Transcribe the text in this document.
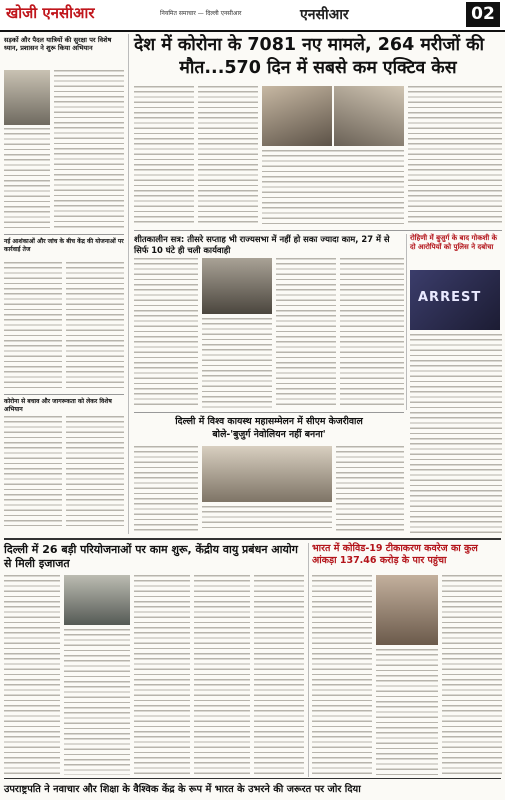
खोजी एनसीआर	नियमित समाचार — दिल्ली एनसीआर	एनसीआर	02
सड़कों और पैदल यात्रियों की सुरक्षा पर विशेष ध्यान, प्रशासन ने शुरू किया अभियान
नई आशंकाओं और जांच के बीच केंद्र की योजनाओं पर कार्रवाई तेज
कोरोना से बचाव और जागरूकता को लेकर विशेष अभियान
देश में कोरोना के 7081 नए मामले, 264 मरीजों की
मौत...570 दिन में सबसे कम एक्टिव केस
शीतकालीन सत्र: तीसरे सप्ताह भी राज्यसभा में नहीं हो सका ज्यादा काम, 27 में से सिर्फ 10 घंटे ही चली कार्यवाही
रोहिणी में बुजुर्ग के बाद गोकशी के दो आरोपियों को पुलिस ने दबोचा
ARREST
दिल्ली में विश्व कायस्थ महासम्मेलन में सीएम केजरीवाल
बोले-'बुजुर्ग नेवोलियन नहीं बनना'
दिल्ली में 26 बड़ी परियोजनाओं पर काम शुरू, केंद्रीय वायु प्रबंधन आयोग से मिली इजाजत
भारत में कोविड-19 टीकाकरण कवरेज का कुल आंकड़ा 137.46 करोड़ के पार पहुंचा
उपराष्ट्रपति ने नवाचार और शिक्षा के वैश्विक केंद्र के रूप में भारत के उभरने की जरूरत पर जोर दिया
